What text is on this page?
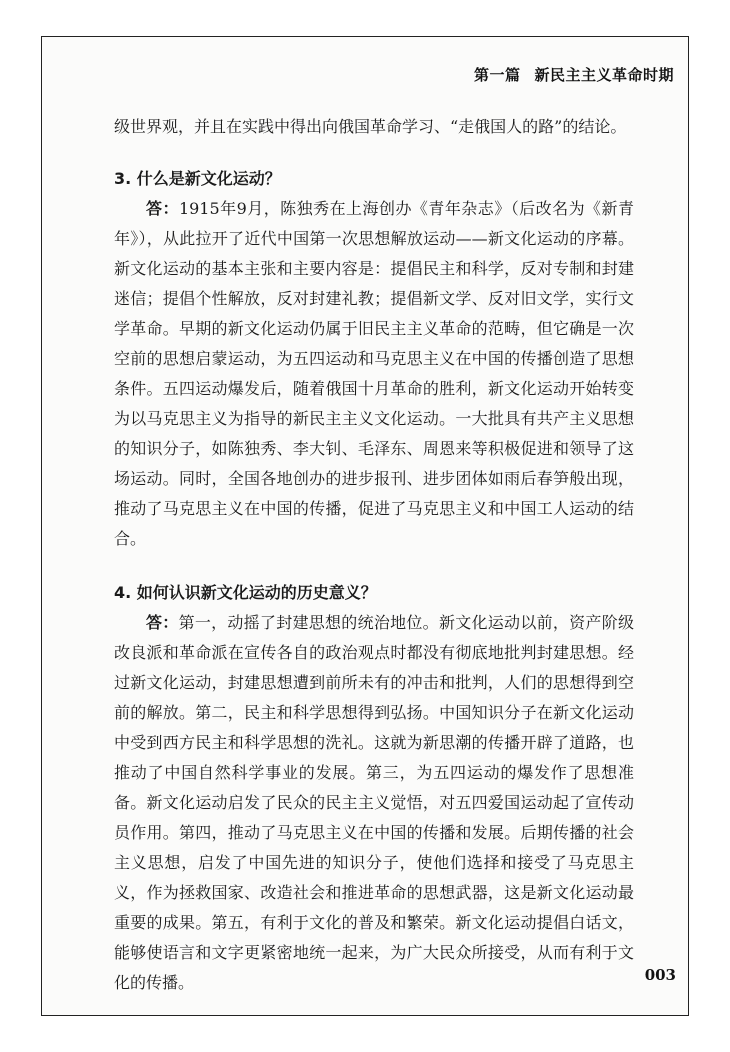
第一篇 新民主主义革命时期

级世界观，并且在实践中得出向俄国革命学习、“走俄国人的路”的结论。

3. 什么是新文化运动？

答：1915年9月，陈独秀在上海创办《青年杂志》（后改名为《新青年》），从此拉开了近代中国第一次思想解放运动——新文化运动的序幕。新文化运动的基本主张和主要内容是：提倡民主和科学，反对专制和封建迷信；提倡个性解放，反对封建礼教；提倡新文学、反对旧文学，实行文学革命。早期的新文化运动仍属于旧民主主义革命的范畴，但它确是一次空前的思想启蒙运动，为五四运动和马克思主义在中国的传播创造了思想条件。五四运动爆发后，随着俄国十月革命的胜利，新文化运动开始转变为以马克思主义为指导的新民主主义文化运动。一大批具有共产主义思想的知识分子，如陈独秀、李大钊、毛泽东、周恩来等积极促进和领导了这场运动。同时，全国各地创办的进步报刊、进步团体如雨后春笋般出现，推动了马克思主义在中国的传播，促进了马克思主义和中国工人运动的结合。

4. 如何认识新文化运动的历史意义？

答：第一，动摇了封建思想的统治地位。新文化运动以前，资产阶级改良派和革命派在宣传各自的政治观点时都没有彻底地批判封建思想。经过新文化运动，封建思想遭到前所未有的冲击和批判，人们的思想得到空前的解放。第二，民主和科学思想得到弘扬。中国知识分子在新文化运动中受到西方民主和科学思想的洗礼。这就为新思潮的传播开辟了道路，也推动了中国自然科学事业的发展。第三，为五四运动的爆发作了思想准备。新文化运动启发了民众的民主主义觉悟，对五四爱国运动起了宣传动员作用。第四，推动了马克思主义在中国的传播和发展。后期传播的社会主义思想，启发了中国先进的知识分子，使他们选择和接受了马克思主义，作为拯救国家、改造社会和推进革命的思想武器，这是新文化运动最重要的成果。第五，有利于文化的普及和繁荣。新文化运动提倡白话文，能够使语言和文字更紧密地统一起来，为广大民众所接受，从而有利于文化的传播。	003
